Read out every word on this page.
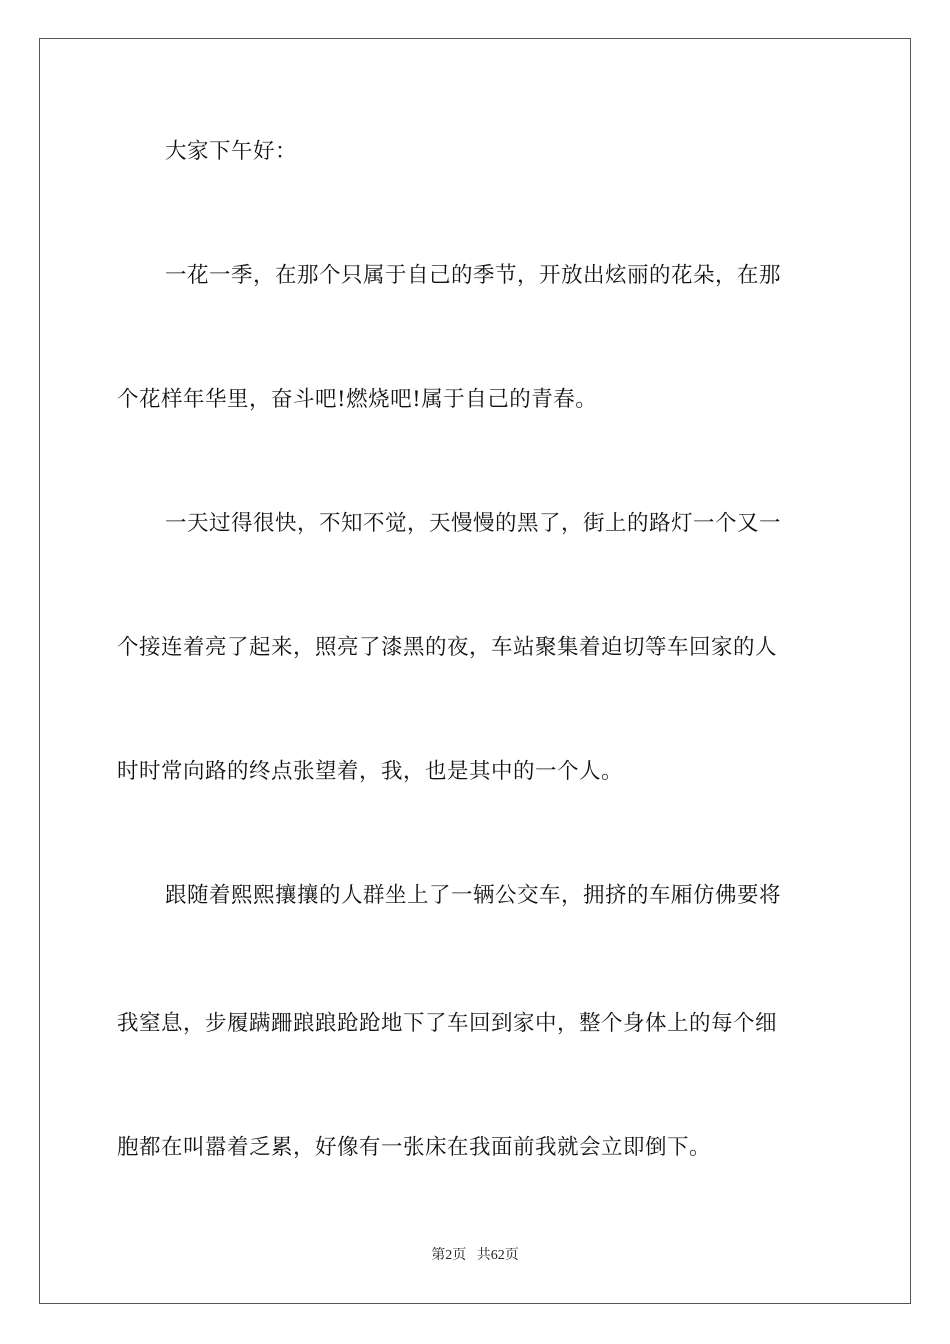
大家下午好：
一花一季，在那个只属于自己的季节，开放出炫丽的花朵，在那
个花样年华里，奋斗吧!燃烧吧!属于自己的青春。
一天过得很快，不知不觉，天慢慢的黑了，街上的路灯一个又一
个接连着亮了起来，照亮了漆黑的夜，车站聚集着迫切等车回家的人
时时常向路的终点张望着，我，也是其中的一个人。
跟随着熙熙攘攘的人群坐上了一辆公交车，拥挤的车厢仿佛要将
我窒息，步履蹒跚踉踉跄跄地下了车回到家中，整个身体上的每个细
胞都在叫嚣着乏累，好像有一张床在我面前我就会立即倒下。
第2页 共62页
